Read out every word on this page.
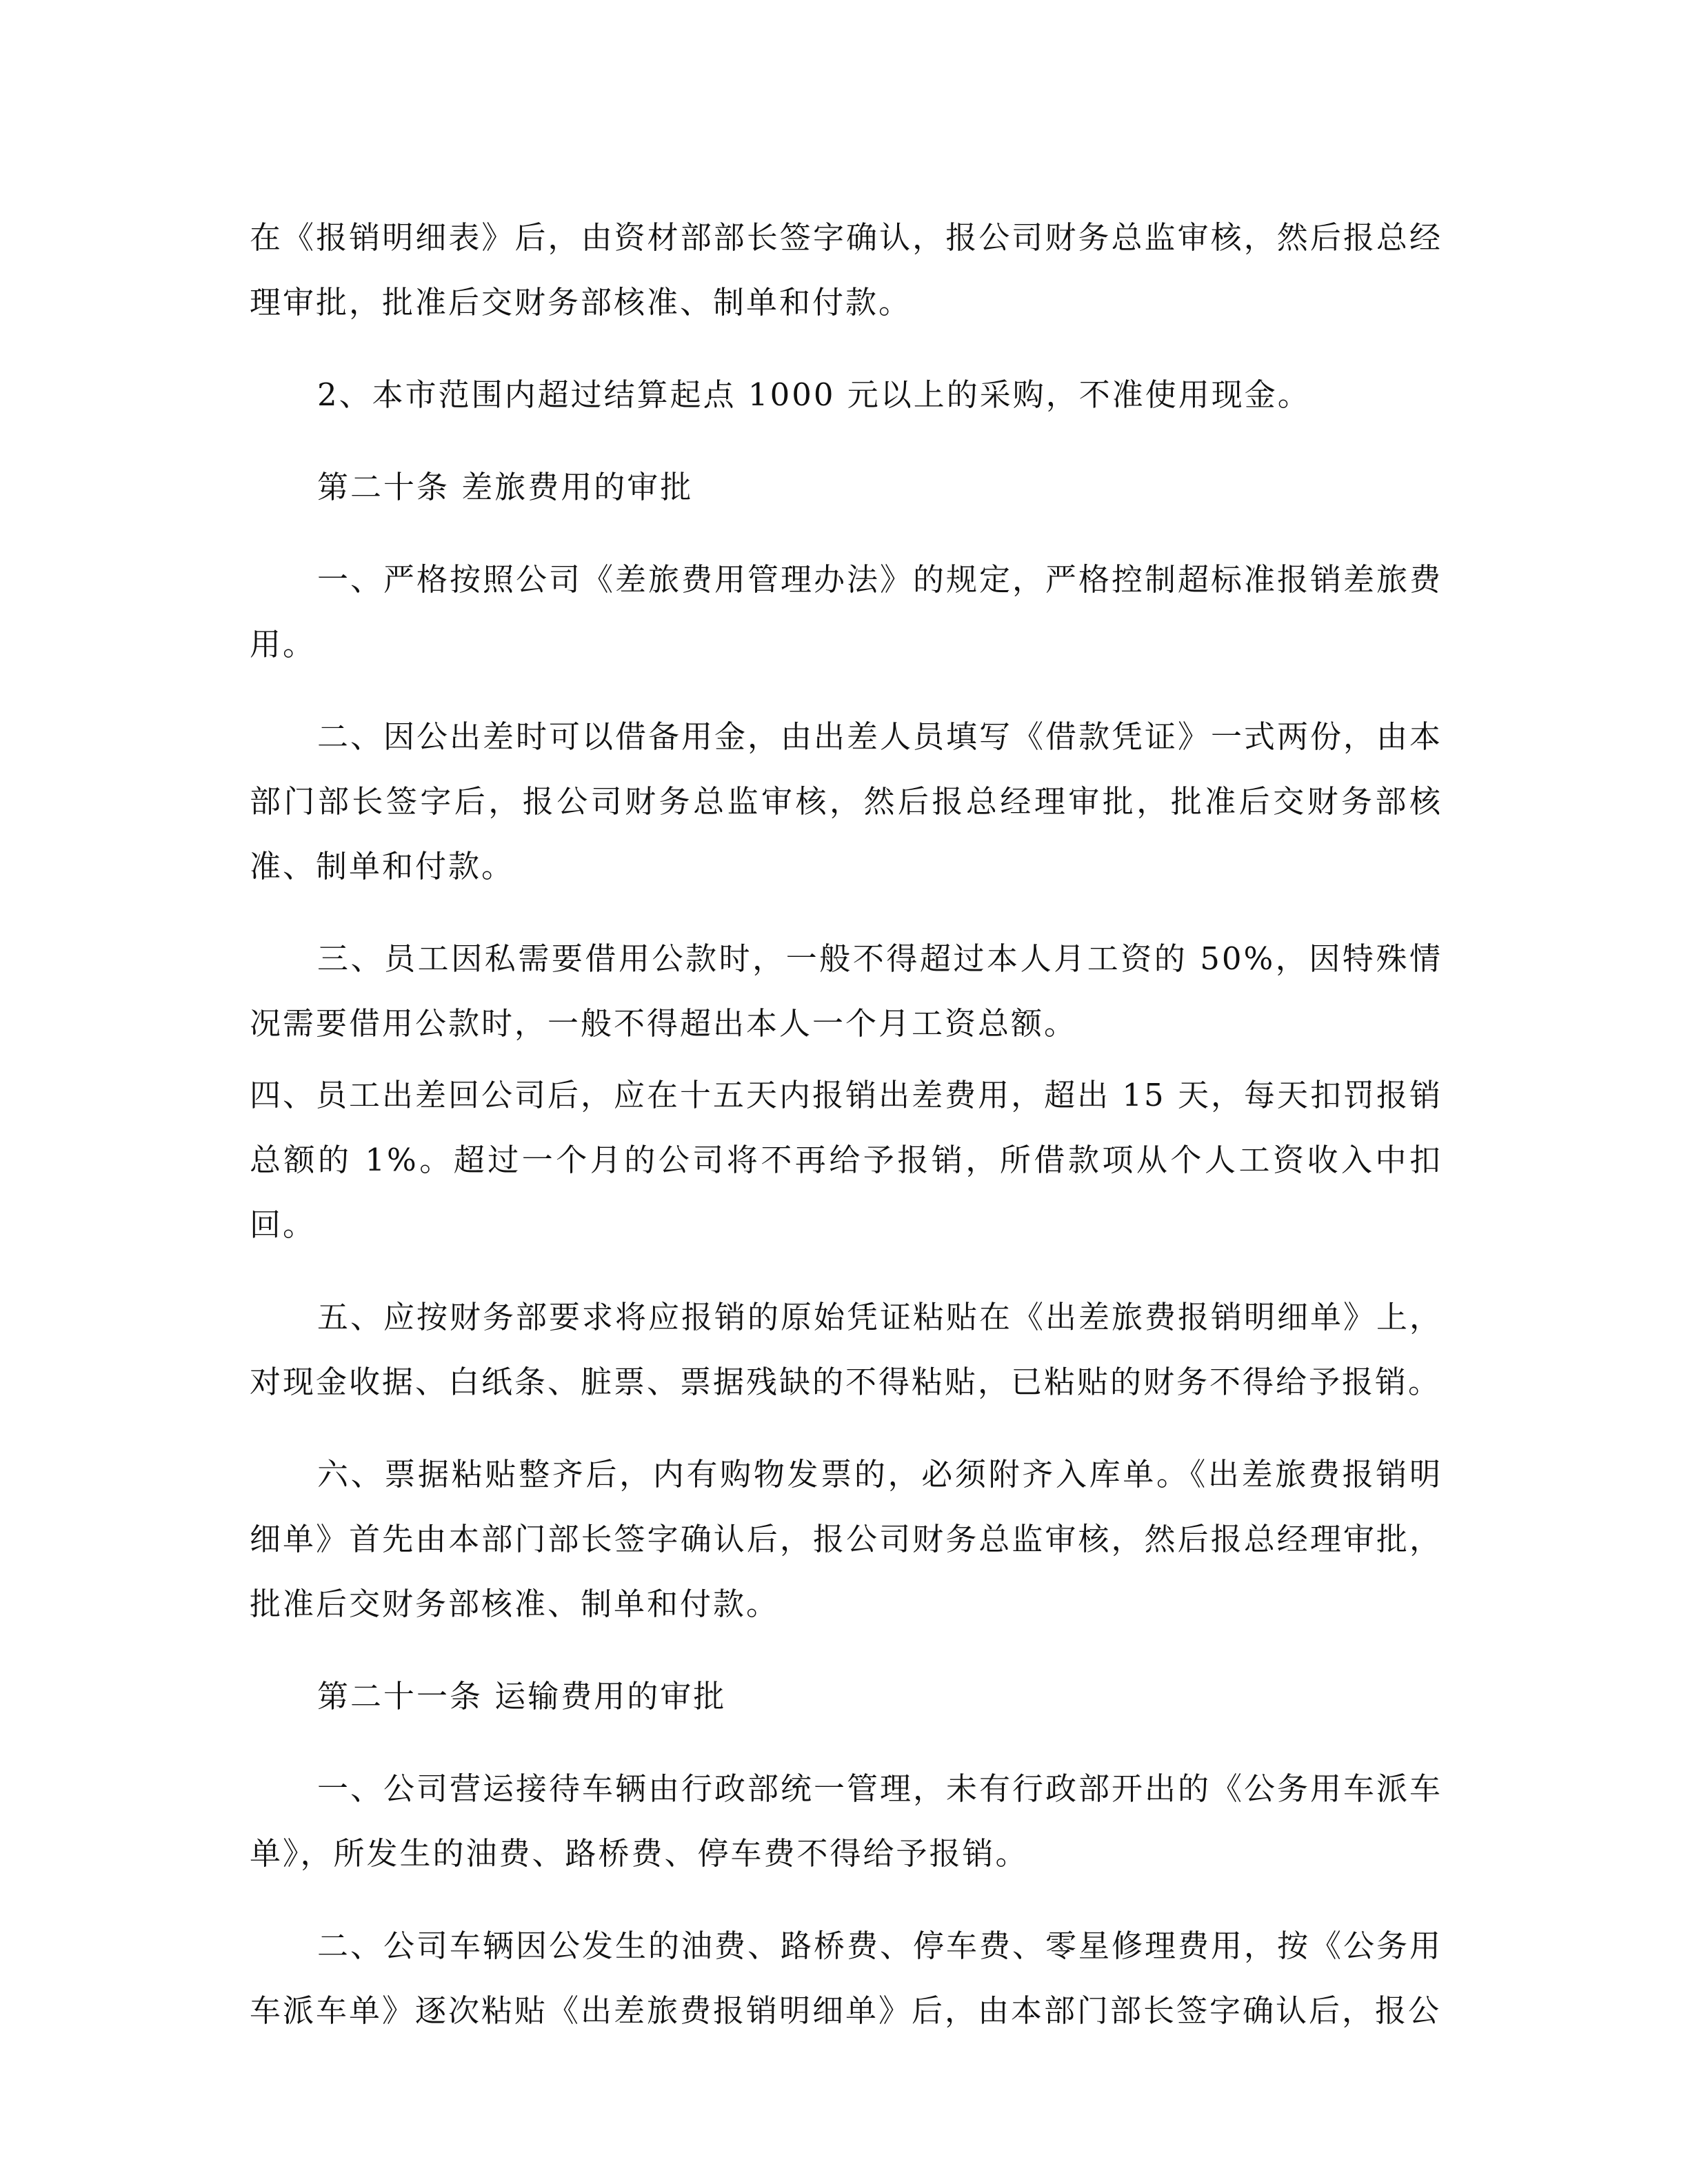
在《报销明细表》后，由资材部部长签字确认，报公司财务总监审核，然后报总经理审批，批准后交财务部核准、制单和付款。

2、本市范围内超过结算起点 1000 元以上的采购，不准使用现金。

第二十条 差旅费用的审批

一、严格按照公司《差旅费用管理办法》的规定，严格控制超标准报销差旅费用。

二、因公出差时可以借备用金，由出差人员填写《借款凭证》一式两份，由本部门部长签字后，报公司财务总监审核，然后报总经理审批，批准后交财务部核准、制单和付款。

三、员工因私需要借用公款时，一般不得超过本人月工资的 50%，因特殊情况需要借用公款时，一般不得超出本人一个月工资总额。

四、员工出差回公司后，应在十五天内报销出差费用，超出 15 天，每天扣罚报销总额的 1%。超过一个月的公司将不再给予报销，所借款项从个人工资收入中扣回。

五、应按财务部要求将应报销的原始凭证粘贴在《出差旅费报销明细单》上，对现金收据、白纸条、脏票、票据残缺的不得粘贴，已粘贴的财务不得给予报销。

六、票据粘贴整齐后，内有购物发票的，必须附齐入库单。《出差旅费报销明细单》首先由本部门部长签字确认后，报公司财务总监审核，然后报总经理审批，批准后交财务部核准、制单和付款。

第二十一条 运输费用的审批

一、公司营运接待车辆由行政部统一管理，未有行政部开出的《公务用车派车单》，所发生的油费、路桥费、停车费不得给予报销。

二、公司车辆因公发生的油费、路桥费、停车费、零星修理费用，按《公务用车派车单》逐次粘贴《出差旅费报销明细单》后，由本部门部长签字确认后，报公
